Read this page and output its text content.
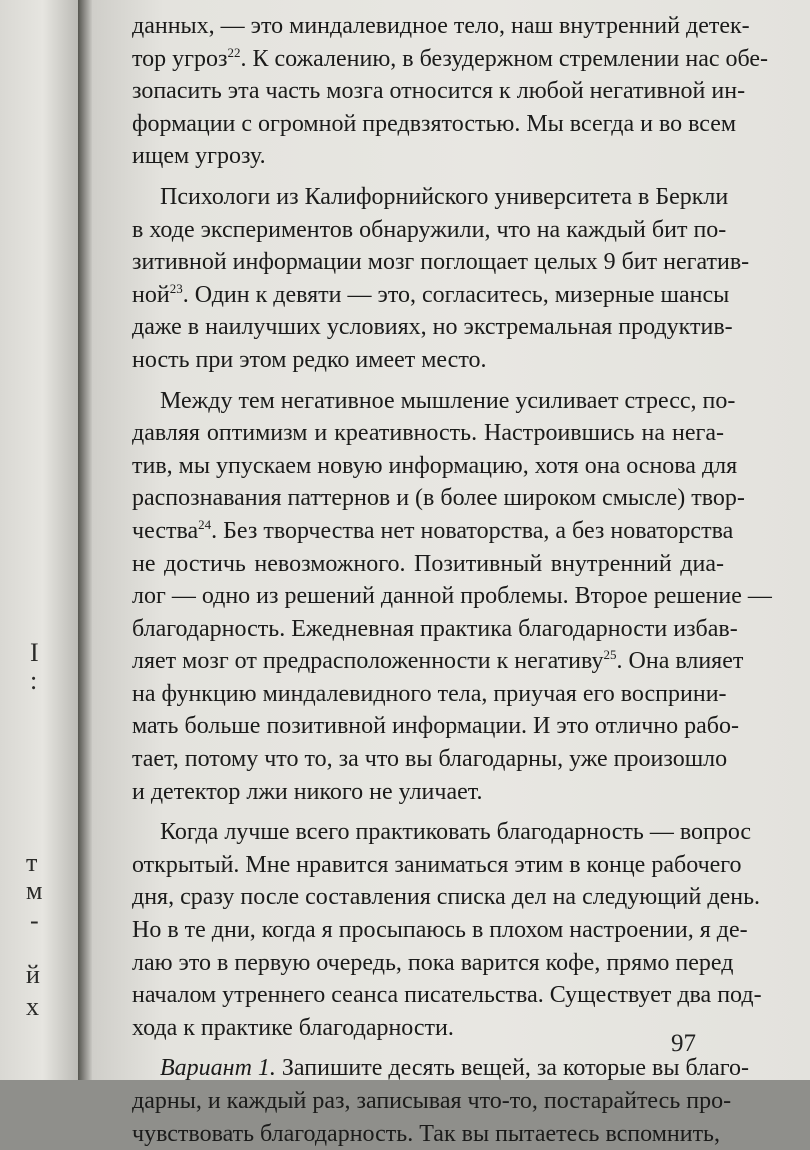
I
:
т
м
-
й
х
данных, — это миндалевидное тело, наш внутренний детек-
тор угроз$^{22}$. К сожалению, в безудержном стремлении нас обе-
зопасить эта часть мозга относится к любой негативной ин-
формации с огромной предвзятостью. Мы всегда и во всем
ищем угрозу.
Психологи из Калифорнийского университета в Беркли
в ходе экспериментов обнаружили, что на каждый бит по-
зитивной информации мозг поглощает целых 9 бит негатив-
ной$^{23}$. Один к девяти — это, согласитесь, мизерные шансы
даже в наилучших условиях, но экстремальная продуктив-
ность при этом редко имеет место.
Между тем негативное мышление усиливает стресс, по-
давляя оптимизм и креативность. Настроившись на нега-
тив, мы упускаем новую информацию, хотя она основа для
распознавания паттернов и (в более широком смысле) твор-
чества$^{24}$. Без творчества нет новаторства, а без новаторства
не достичь невозможного. Позитивный внутренний диа-
лог — одно из решений данной проблемы. Второе решение —
благодарность. Ежедневная практика благодарности избав-
ляет мозг от предрасположенности к негативу$^{25}$. Она влияет
на функцию миндалевидного тела, приучая его восприни-
мать больше позитивной информации. И это отлично рабо-
тает, потому что то, за что вы благодарны, уже произошло
и детектор лжи никого не уличает.
Когда лучше всего практиковать благодарность — вопрос
открытый. Мне нравится заниматься этим в конце рабочего
дня, сразу после составления списка дел на следующий день.
Но в те дни, когда я просыпаюсь в плохом настроении, я де-
лаю это в первую очередь, пока варится кофе, прямо перед
началом утреннего сеанса писательства. Существует два под-
хода к практике благодарности.
Вариант 1. Запишите десять вещей, за которые вы благо-
дарны, и каждый раз, записывая что-то, постарайтесь про-
чувствовать благодарность. Так вы пытаетесь вспомнить,
97
